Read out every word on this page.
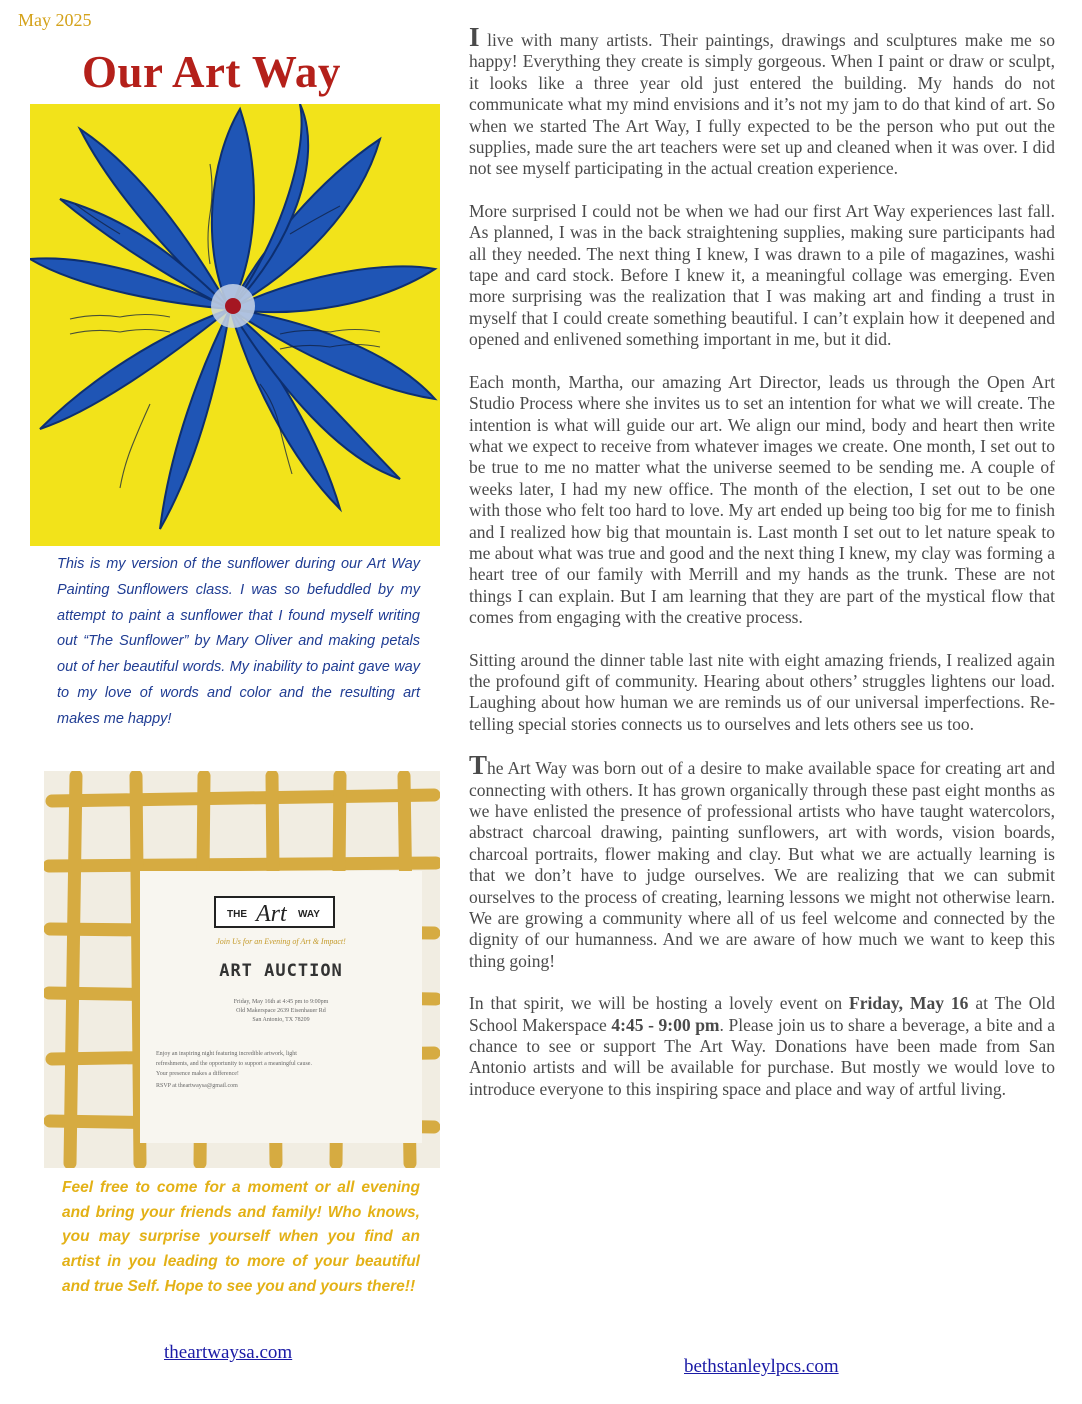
May 2025
Our Art Way

This is my version of the sunflower during our Art Way Painting Sunflowers class. I was so befuddled by my attempt to paint a sunflower that I found myself writing out “The Sunflower” by Mary Oliver and making petals out of her beautiful words. My inability to paint gave way to my love of words and color and the resulting art makes me happy!

THE Art WAY
Join Us for an Evening of Art & Impact!
ART AUCTION
Friday, May 16th at 4:45 pm to 9:00pm
Old Makerspace 2639 Eisenhauer Rd
San Antonio, TX 78209
Enjoy an inspiring night featuring incredible artwork, light
refreshments, and the opportunity to support a meaningful cause.
Your presence makes a difference!
RSVP at theartwaysa@gmail.com

Feel free to come for a moment or all evening and bring your friends and family! Who knows, you may surprise yourself when you find an artist in you leading to more of your beautiful and true Self. Hope to see you and yours there!!

theartwaysa.com

I live with many artists. Their paintings, drawings and sculptures make me so happy! Everything they create is simply gorgeous. When I paint or draw or sculpt, it looks like a three year old just entered the building. My hands do not communicate what my mind envisions and it’s not my jam to do that kind of art. So when we started The Art Way, I fully expected to be the person who put out the supplies, made sure the art teachers were set up and cleaned when it was over. I did not see myself participating in the actual creation experience.

More surprised I could not be when we had our first Art Way experiences last fall. As planned, I was in the back straightening supplies, making sure participants had all they needed. The next thing I knew, I was drawn to a pile of magazines, washi tape and card stock. Before I knew it, a meaningful collage was emerging. Even more surprising was the realization that I was making art and finding a trust in myself that I could create something beautiful. I can’t explain how it deepened and opened and enlivened something important in me, but it did.

Each month, Martha, our amazing Art Director, leads us through the Open Art Studio Process where she invites us to set an intention for what we will create. The intention is what will guide our art. We align our mind, body and heart then write what we expect to receive from whatever images we create. One month, I set out to be true to me no matter what the universe seemed to be sending me. A couple of weeks later, I had my new office. The month of the election, I set out to be one with those who felt too hard to love. My art ended up being too big for me to finish and I realized how big that mountain is. Last month I set out to let nature speak to me about what was true and good and the next thing I knew, my clay was forming a heart tree of our family with Merrill and my hands as the trunk. These are not things I can explain. But I am learning that they are part of the mystical flow that comes from engaging with the creative process.

Sitting around the dinner table last nite with eight amazing friends, I realized again the profound gift of community. Hearing about others’ struggles lightens our load. Laughing about how human we are reminds us of our universal imperfections. Re-telling special stories connects us to ourselves and lets others see us too.

The Art Way was born out of a desire to make available space for creating art and connecting with others. It has grown organically through these past eight months as we have enlisted the presence of professional artists who have taught watercolors, abstract charcoal drawing, painting sunflowers, art with words, vision boards, charcoal portraits, flower making and clay. But what we are actually learning is that we don’t have to judge ourselves. We are realizing that we can submit ourselves to the process of creating, learning lessons we might not otherwise learn. We are growing a community where all of us feel welcome and connected by the dignity of our humanness. And we are aware of how much we want to keep this thing going!

In that spirit, we will be hosting a lovely event on Friday, May 16 at The Old School Makerspace 4:45 - 9:00 pm. Please join us to share a beverage, a bite and a chance to see or support The Art Way. Donations have been made from San Antonio artists and will be available for purchase. But mostly we would love to introduce everyone to this inspiring space and place and way of artful living.

bethstanleylpcs.com
